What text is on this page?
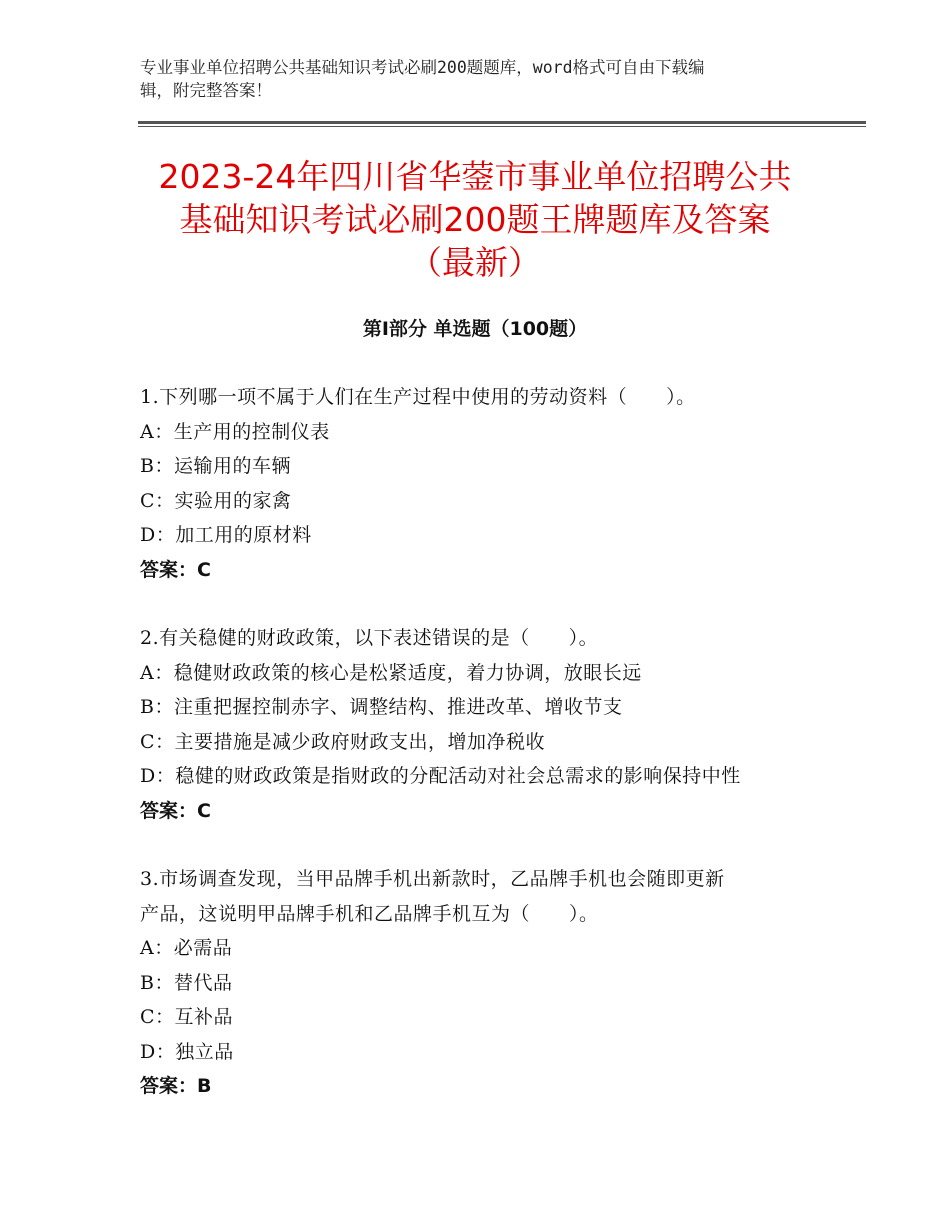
专业事业单位招聘公共基础知识考试必刷200题题库，word格式可自由下载编
辑，附完整答案！
2023-24年四川省华蓥市事业单位招聘公共
基础知识考试必刷200题王牌题库及答案
（最新）
第Ⅰ部分 单选题（100题）
1.下列哪一项不属于人们在生产过程中使用的劳动资料（　　）。
A：生产用的控制仪表
B：运输用的车辆
C：实验用的家禽
D：加工用的原材料
答案：C
2.有关稳健的财政政策，以下表述错误的是（　　）。
A：稳健财政政策的核心是松紧适度，着力协调，放眼长远
B：注重把握控制赤字、调整结构、推进改革、增收节支
C：主要措施是减少政府财政支出，增加净税收
D：稳健的财政政策是指财政的分配活动对社会总需求的影响保持中性
答案：C
3.市场调查发现，当甲品牌手机出新款时，乙品牌手机也会随即更新
产品，这说明甲品牌手机和乙品牌手机互为（　　）。
A：必需品
B：替代品
C：互补品
D：独立品
答案：B
